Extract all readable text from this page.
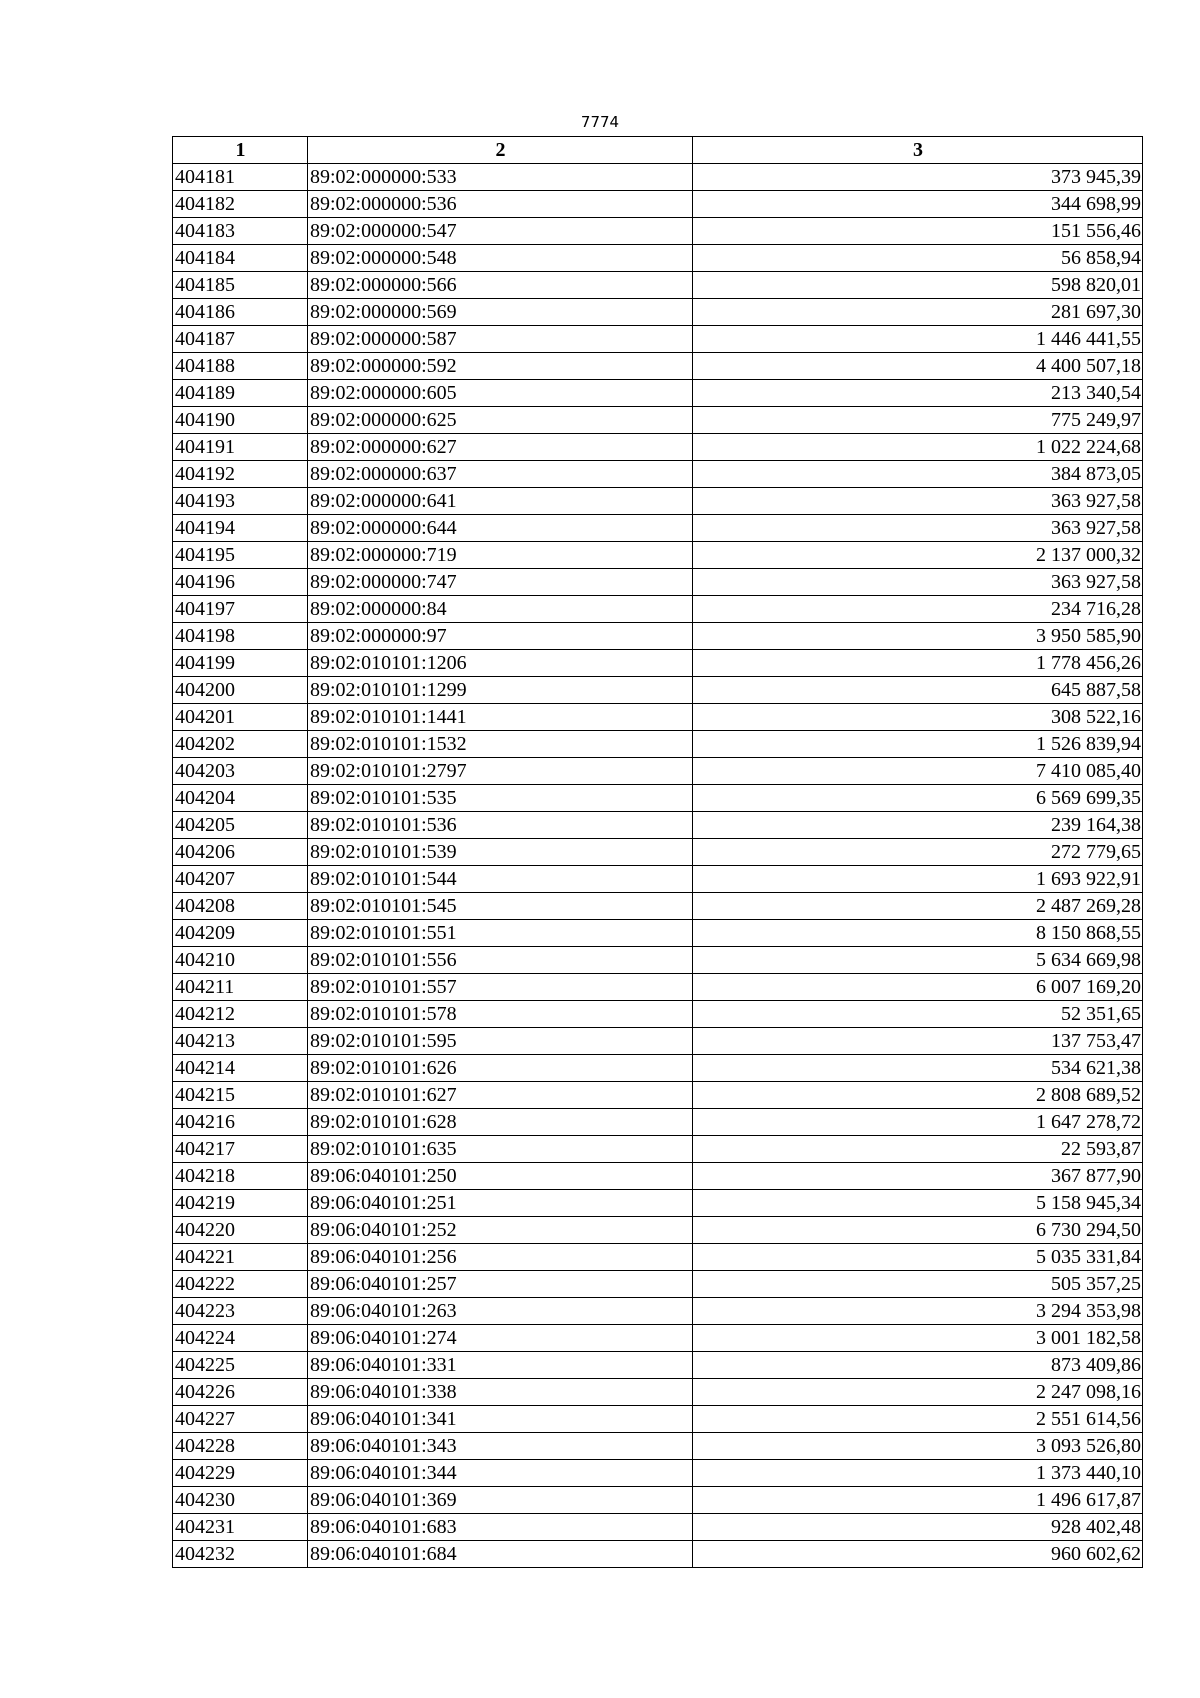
7774
1	2	3
404181	89:02:000000:533	373 945,39
404182	89:02:000000:536	344 698,99
404183	89:02:000000:547	151 556,46
404184	89:02:000000:548	56 858,94
404185	89:02:000000:566	598 820,01
404186	89:02:000000:569	281 697,30
404187	89:02:000000:587	1 446 441,55
404188	89:02:000000:592	4 400 507,18
404189	89:02:000000:605	213 340,54
404190	89:02:000000:625	775 249,97
404191	89:02:000000:627	1 022 224,68
404192	89:02:000000:637	384 873,05
404193	89:02:000000:641	363 927,58
404194	89:02:000000:644	363 927,58
404195	89:02:000000:719	2 137 000,32
404196	89:02:000000:747	363 927,58
404197	89:02:000000:84	234 716,28
404198	89:02:000000:97	3 950 585,90
404199	89:02:010101:1206	1 778 456,26
404200	89:02:010101:1299	645 887,58
404201	89:02:010101:1441	308 522,16
404202	89:02:010101:1532	1 526 839,94
404203	89:02:010101:2797	7 410 085,40
404204	89:02:010101:535	6 569 699,35
404205	89:02:010101:536	239 164,38
404206	89:02:010101:539	272 779,65
404207	89:02:010101:544	1 693 922,91
404208	89:02:010101:545	2 487 269,28
404209	89:02:010101:551	8 150 868,55
404210	89:02:010101:556	5 634 669,98
404211	89:02:010101:557	6 007 169,20
404212	89:02:010101:578	52 351,65
404213	89:02:010101:595	137 753,47
404214	89:02:010101:626	534 621,38
404215	89:02:010101:627	2 808 689,52
404216	89:02:010101:628	1 647 278,72
404217	89:02:010101:635	22 593,87
404218	89:06:040101:250	367 877,90
404219	89:06:040101:251	5 158 945,34
404220	89:06:040101:252	6 730 294,50
404221	89:06:040101:256	5 035 331,84
404222	89:06:040101:257	505 357,25
404223	89:06:040101:263	3 294 353,98
404224	89:06:040101:274	3 001 182,58
404225	89:06:040101:331	873 409,86
404226	89:06:040101:338	2 247 098,16
404227	89:06:040101:341	2 551 614,56
404228	89:06:040101:343	3 093 526,80
404229	89:06:040101:344	1 373 440,10
404230	89:06:040101:369	1 496 617,87
404231	89:06:040101:683	928 402,48
404232	89:06:040101:684	960 602,62
